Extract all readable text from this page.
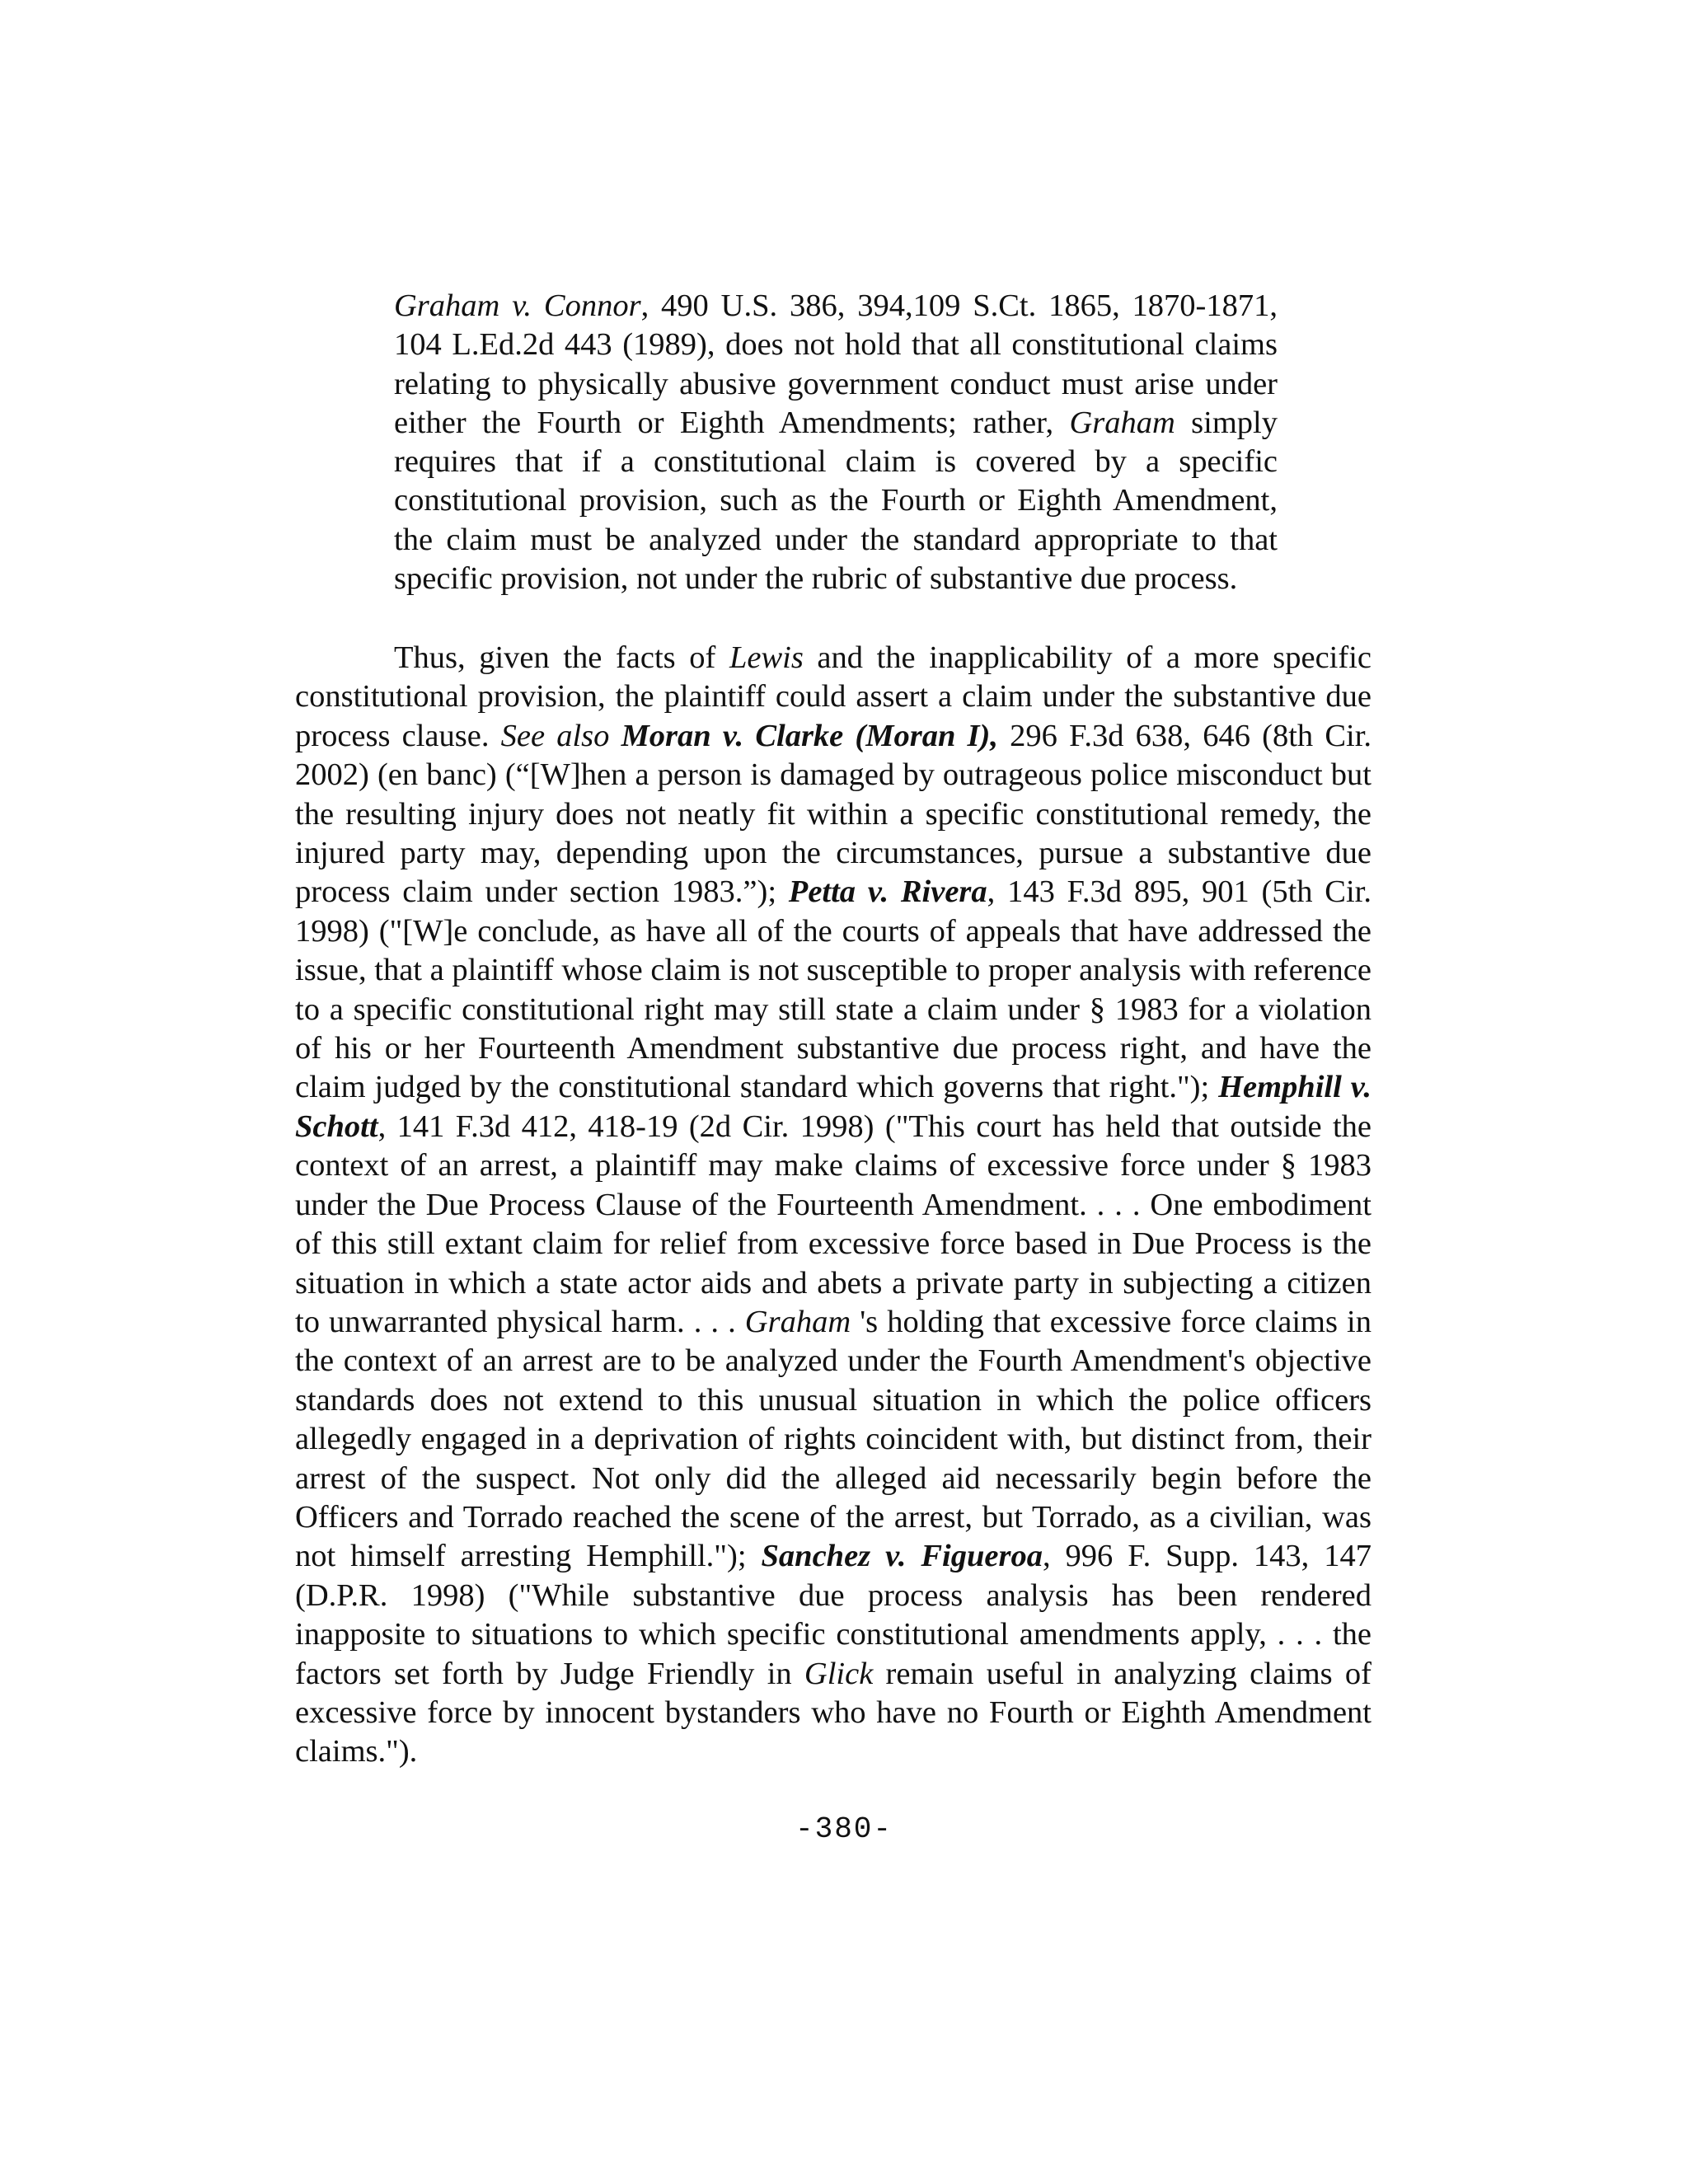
Graham v. Connor, 490 U.S. 386, 394,109 S.Ct. 1865, 1870-1871, 104 L.Ed.2d 443 (1989), does not hold that all constitutional claims relating to physically abusive government conduct must arise under either the Fourth or Eighth Amendments; rather, Graham simply requires that if a constitutional claim is covered by a specific constitutional provision, such as the Fourth or Eighth Amendment, the claim must be analyzed under the standard appropriate to that specific provision, not under the rubric of substantive due process.

Thus, given the facts of Lewis and the inapplicability of a more specific constitutional provision, the plaintiff could assert a claim under the substantive due process clause. See also Moran v. Clarke (Moran I), 296 F.3d 638, 646 (8th Cir. 2002) (en banc) (“[W]hen a person is damaged by outrageous police misconduct but the resulting injury does not neatly fit within a specific constitutional remedy, the injured party may, depending upon the circumstances, pursue a substantive due process claim under section 1983.”); Petta v. Rivera, 143 F.3d 895, 901 (5th Cir. 1998) ("[W]e conclude, as have all of the courts of appeals that have addressed the issue, that a plaintiff whose claim is not susceptible to proper analysis with reference to a specific constitutional right may still state a claim under § 1983 for a violation of his or her Fourteenth Amendment substantive due process right, and have the claim judged by the constitutional standard which governs that right."); Hemphill v. Schott, 141 F.3d 412, 418-19 (2d Cir. 1998) ("This court has held that outside the context of an arrest, a plaintiff may make claims of excessive force under § 1983 under the Due Process Clause of the Fourteenth Amendment. . . . One embodiment of this still extant claim for relief from excessive force based in Due Process is the situation in which a state actor aids and abets a private party in subjecting a citizen to unwarranted physical harm. . . . Graham 's holding that excessive force claims in the context of an arrest are to be analyzed under the Fourth Amendment's objective standards does not extend to this unusual situation in which the police officers allegedly engaged in a deprivation of rights coincident with, but distinct from, their arrest of the suspect. Not only did the alleged aid necessarily begin before the Officers and Torrado reached the scene of the arrest, but Torrado, as a civilian, was not himself arresting Hemphill."); Sanchez v. Figueroa, 996 F. Supp. 143, 147 (D.P.R. 1998) ("While substantive due process analysis has been rendered inapposite to situations to which specific constitutional amendments apply, . . . the factors set forth by Judge Friendly in Glick remain useful in analyzing claims of excessive force by innocent bystanders who have no Fourth or Eighth Amendment claims.").

-380-
